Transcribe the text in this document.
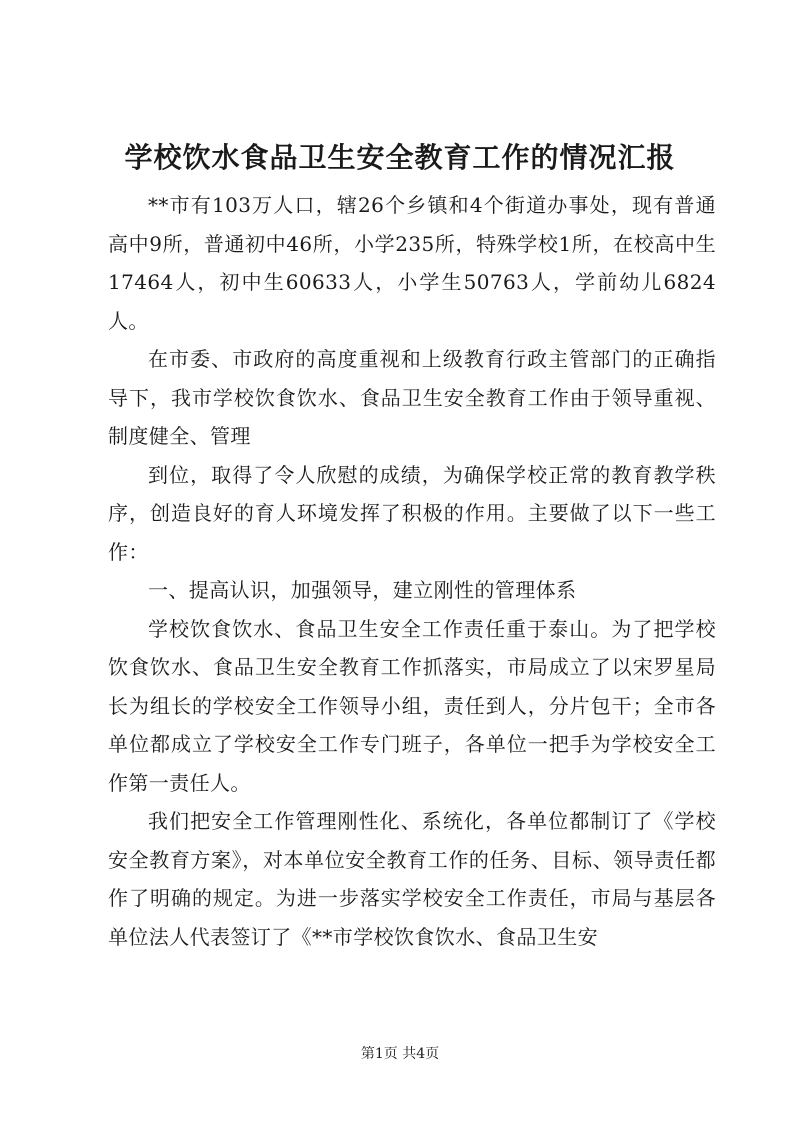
学校饮水食品卫生安全教育工作的情况汇报

**市有103万人口，辖26个乡镇和4个街道办事处，现有普通高中9所，普通初中46所，小学235所，特殊学校1所，在校高中生17464人，初中生60633人，小学生50763人，学前幼儿6824人。

在市委、市政府的高度重视和上级教育行政主管部门的正确指导下，我市学校饮食饮水、食品卫生安全教育工作由于领导重视、制度健全、管理

到位，取得了令人欣慰的成绩，为确保学校正常的教育教学秩序，创造良好的育人环境发挥了积极的作用。主要做了以下一些工作：

一、提高认识，加强领导，建立刚性的管理体系

学校饮食饮水、食品卫生安全工作责任重于泰山。为了把学校饮食饮水、食品卫生安全教育工作抓落实，市局成立了以宋罗星局长为组长的学校安全工作领导小组，责任到人，分片包干；全市各单位都成立了学校安全工作专门班子，各单位一把手为学校安全工作第一责任人。

我们把安全工作管理刚性化、系统化，各单位都制订了《学校安全教育方案》，对本单位安全教育工作的任务、目标、领导责任都作了明确的规定。为进一步落实学校安全工作责任，市局与基层各单位法人代表签订了《**市学校饮食饮水、食品卫生安

第1页 共4页
